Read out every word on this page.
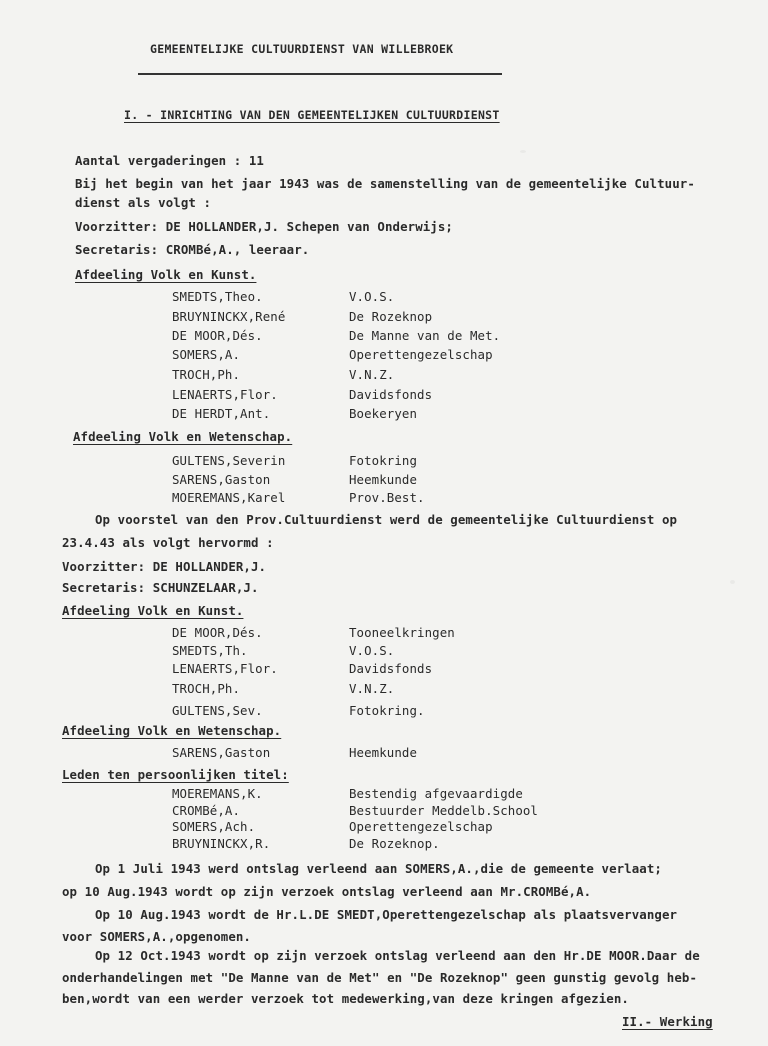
GEMEENTELIJKE CULTUURDIENST VAN WILLEBROEK
I. - INRICHTING VAN DEN GEMEENTELIJKEN CULTUURDIENST
Aantal vergaderingen : 11
Bij het begin van het jaar 1943 was de samenstelling van de gemeentelijke Cultuur-
dienst als volgt :
Voorzitter: DE HOLLANDER,J. Schepen van Onderwijs;
Secretaris: CROMBé,A., leeraar.
Afdeeling Volk en Kunst.
SMEDTS,Theo.	V.O.S.
BRUYNINCKX,René	De Rozeknop
DE MOOR,Dés.	De Manne van de Met.
SOMERS,A.	Operettengezelschap
TROCH,Ph.	V.N.Z.
LENAERTS,Flor.	Davidsfonds
DE HERDT,Ant.	Boekeryen
Afdeeling Volk en Wetenschap.
GULTENS,Severin	Fotokring
SARENS,Gaston	Heemkunde
MOEREMANS,Karel	Prov.Best.
Op voorstel van den Prov.Cultuurdienst werd de gemeentelijke Cultuurdienst op
23.4.43 als volgt hervormd :
Voorzitter: DE HOLLANDER,J.
Secretaris: SCHUNZELAAR,J.
Afdeeling Volk en Kunst.
DE MOOR,Dés.	Tooneelkringen
SMEDTS,Th.	V.O.S.
LENAERTS,Flor.	Davidsfonds
TROCH,Ph.	V.N.Z.
GULTENS,Sev.	Fotokring.
Afdeeling Volk en Wetenschap.
SARENS,Gaston	Heemkunde
Leden ten persoonlijken titel:
MOEREMANS,K.	Bestendig afgevaardigde
CROMBé,A.	Bestuurder Meddelb.School
SOMERS,Ach.	Operettengezelschap
BRUYNINCKX,R.	De Rozeknop.
Op 1 Juli 1943 werd ontslag verleend aan SOMERS,A.,die de gemeente verlaat;
op 10 Aug.1943 wordt op zijn verzoek ontslag verleend aan Mr.CROMBé,A.
Op 10 Aug.1943 wordt de Hr.L.DE SMEDT,Operettengezelschap als plaatsvervanger
voor SOMERS,A.,opgenomen.
Op 12 Oct.1943 wordt op zijn verzoek ontslag verleend aan den Hr.DE MOOR.Daar de
onderhandelingen met "De Manne van de Met" en "De Rozeknop" geen gunstig gevolg heb-
ben,wordt van een werder verzoek tot medewerking,van deze kringen afgezien.
II.- Werking
